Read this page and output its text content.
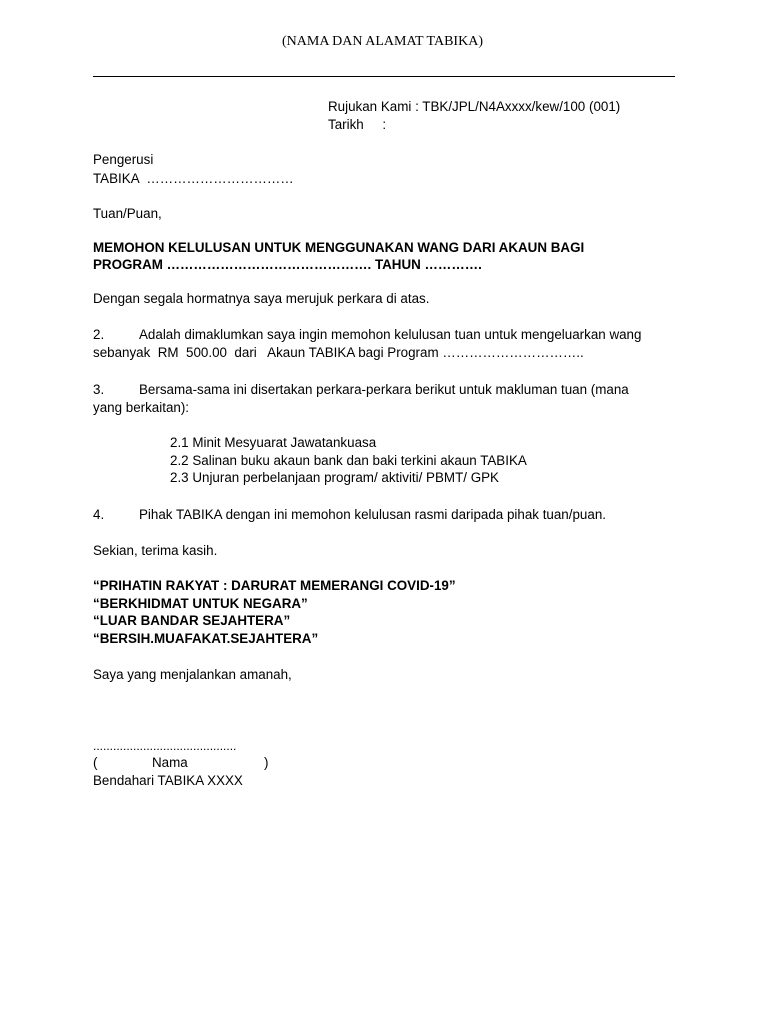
(NAMA DAN ALAMAT TABIKA)
Rujukan Kami : TBK/JPL/N4Axxxx/kew/100 (001)
Tarikh     :
Pengerusi
TABIKA  ……………………………
Tuan/Puan,
MEMOHON KELULUSAN UNTUK MENGGUNAKAN WANG DARI AKAUN BAGI
PROGRAM ………………………………………. TAHUN ………….
Dengan segala hormatnya saya merujuk perkara di atas.
2.	Adalah dimaklumkan saya ingin memohon kelulusan tuan untuk mengeluarkan wang
sebanyak  RM  500.00  dari   Akaun TABIKA bagi Program …………………………..
3.	Bersama-sama ini disertakan perkara-perkara berikut untuk makluman tuan (mana
yang berkaitan):
2.1 Minit Mesyuarat Jawatankuasa
2.2 Salinan buku akaun bank dan baki terkini akaun TABIKA
2.3 Unjuran perbelanjaan program/ aktiviti/ PBMT/ GPK
4.	Pihak TABIKA dengan ini memohon kelulusan rasmi daripada pihak tuan/puan.
Sekian, terima kasih.
“PRIHATIN RAKYAT : DARURAT MEMERANGI COVID-19”
“BERKHIDMAT UNTUK NEGARA”
“LUAR BANDAR SEJAHTERA”
“BERSIH.MUAFAKAT.SEJAHTERA”
Saya yang menjalankan amanah,
...........................................
(	Nama	)
Bendahari TABIKA XXXX
